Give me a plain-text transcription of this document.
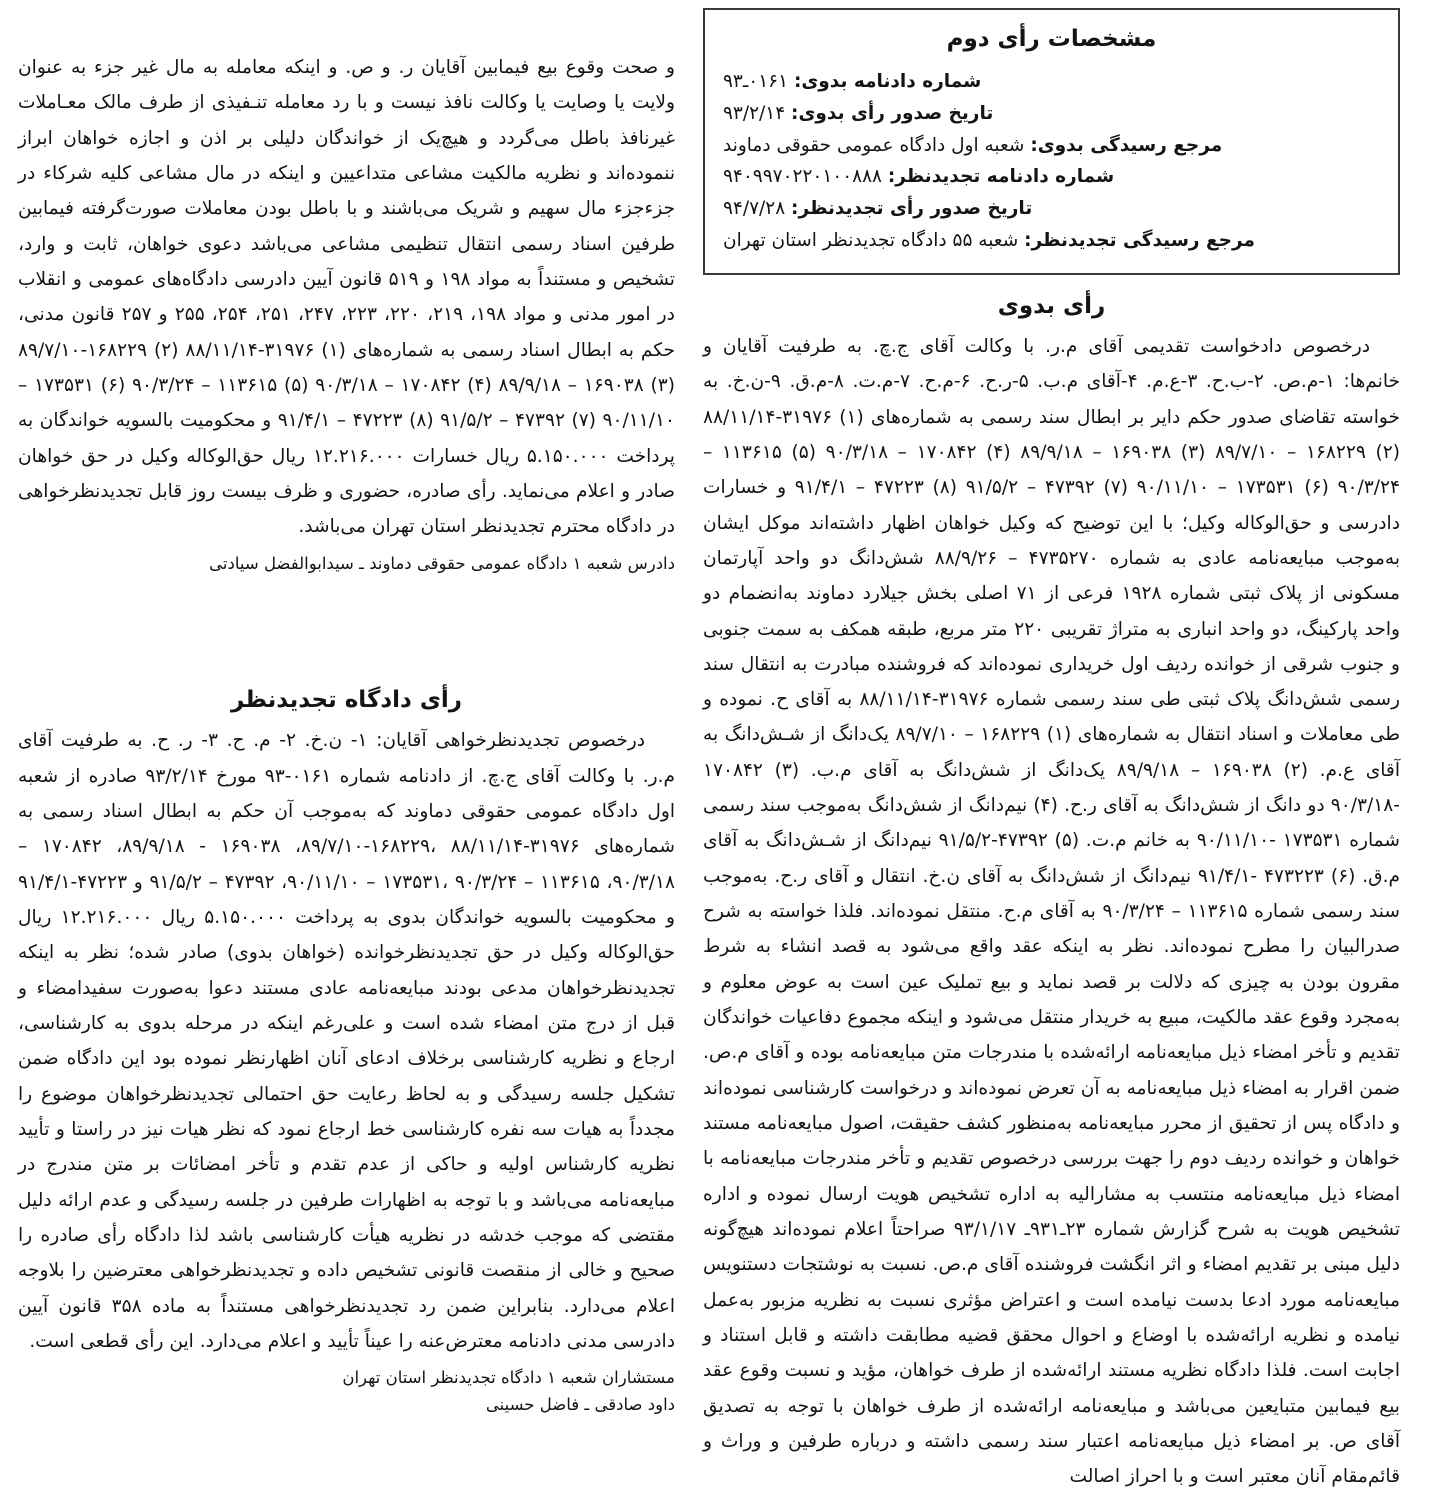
مشخصات رأی دوم
شماره دادنامه بدوی: ۰۱۶۱ـ۹۳
تاریخ صدور رأی بدوی: ۹۳/۲/۱۴
مرجع رسیدگی بدوی: شعبه اول دادگاه عمومی حقوقی دماوند
شماره دادنامه تجدیدنظر: ۹۴۰۹۹۷۰۲۲۰۱۰۰۸۸۸
تاریخ صدور رأی تجدیدنظر: ۹۴/۷/۲۸
مرجع رسیدگی تجدیدنظر: شعبه ۵۵ دادگاه تجدیدنظر استان تهران
رأی بدوی

درخصوص دادخواست تقدیمی آقای م.ر. با وکالت آقای ج.چ. به طرفیت آقایان و خانم‌ها: ۱-م.ص. ۲-ب.ح. ۳-ع.م. ۴-آقای م.ب. ۵-ر.ح. ۶-م.ح. ۷-م.ت. ۸-م.ق. ۹-ن.خ. به خواسته تقاضای صدور حکم دایر بر ابطال سند رسمی به شماره‌های (۱) ۳۱۹۷۶-۸۸/۱۱/۱۴ (۲) ۱۶۸۲۲۹ – ۸۹/۷/۱۰ (۳) ۱۶۹۰۳۸ – ۸۹/۹/۱۸ (۴) ۱۷۰۸۴۲ – ۹۰/۳/۱۸ (۵) ۱۱۳۶۱۵ – ۹۰/۳/۲۴ (۶) ۱۷۳۵۳۱ – ۹۰/۱۱/۱۰ (۷) ۴۷۳۹۲ – ۹۱/۵/۲ (۸) ۴۷۲۲۳ – ۹۱/۴/۱ و خسارات دادرسی و حق‌الوکاله وکیل؛ با این توضیح که وکیل خواهان اظهار داشته‌اند موکل ایشان به‌موجب مبایعه‌نامه عادی به شماره ۴۷۳۵۲۷۰ – ۸۸/۹/۲۶ شش‌دانگ دو واحد آپارتمان مسکونی از پلاک ثبتی شماره ۱۹۲۸ فرعی از ۷۱ اصلی بخش جیلارد دماوند به‌انضمام دو واحد پارکینگ، دو واحد انباری به متراژ تقریبی ۲۲۰ متر مربع، طبقه همکف به سمت جنوبی و جنوب شرقی از خوانده ردیف اول خریداری نموده‌اند که فروشنده مبادرت به انتقال سند رسمی شش‌دانگ پلاک ثبتی طی سند رسمی شماره ۳۱۹۷۶-۸۸/۱۱/۱۴ به آقای ح. نموده و طی معاملات و اسناد انتقال به شماره‌های (۱) ۱۶۸۲۲۹ – ۸۹/۷/۱۰ یک‌دانگ از شـش‌دانگ به آقای ع.م. (۲) ۱۶۹۰۳۸ – ۸۹/۹/۱۸ یک‌دانگ از شش‌دانگ به آقای م.ب. (۳) ۱۷۰۸۴۲ -۹۰/۳/۱۸ دو دانگ از شش‌دانگ به آقای ر.ح. (۴) نیم‌دانگ از شش‌دانگ به‌موجب سند رسمی شماره ۱۷۳۵۳۱ -۹۰/۱۱/۱۰ به خانم م.ت. (۵) ۴۷۳۹۲-۹۱/۵/۲ نیم‌دانگ از شـش‌دانگ به آقای م.ق. (۶) ۴۷۳۲۲۳ -۹۱/۴/۱ نیم‌دانگ از شش‌دانگ به آقای ن.خ. انتقال و آقای ر.ح. به‌موجب سند رسمی شماره ۱۱۳۶۱۵ – ۹۰/۳/۲۴ به آقای م.ح. منتقل نموده‌اند. فلذا خواسته به شرح صدرالبیان را مطرح نموده‌اند. نظر به اینکه عقد واقع می‌شود به قصد انشاء به شرط مقرون بودن به چیزی که دلالت بر قصد نماید و بیع تملیک عین است به عوض معلوم و به‌مجرد وقوع عقد مالکیت، مبیع به خریدار منتقل می‌شود و اینکه مجموع دفاعیات خواندگان تقدیم و تأخر امضاء ذیل مبایعه‌نامه ارائه‌شده با مندرجات متن مبایعه‌نامه بوده و آقای م.ص. ضمن اقرار به امضاء ذیل مبایعه‌نامه به آن تعرض نموده‌اند و درخواست کارشناسی نموده‌اند و دادگاه پس از تحقیق از محرر مبایعه‌نامه به‌منظور کشف حقیقت، اصول مبایعه‌نامه مستند خواهان و خوانده ردیف دوم را جهت بررسی درخصوص تقدیم و تأخر مندرجات مبایعه‌نامه با امضاء ذیل مبایعه‌نامه منتسب به مشارالیه به اداره تشخیص هویت ارسال نموده و اداره تشخیص هویت به شرح گزارش شماره ۲۳ـ۹۳۱ـ ۹۳/۱/۱۷ صراحتاً اعلام نموده‌اند هیچ‌گونه دلیل مبنی بر تقدیم امضاء و اثر انگشت فروشنده آقای م.ص. نسبت به نوشتجات دستنویس مبایعه‌نامه مورد ادعا بدست نیامده است و اعتراض مؤثری نسبت به نظریه مزبور به‌عمل نیامده و نظریه ارائه‌شده با اوضاع و احوال محقق قضیه مطابقت داشته و قابل استناد و اجابت است. فلذا دادگاه نظریه مستند ارائه‌شده از طرف خواهان، مؤید و نسبت وقوع عقد بیع فیمابین متبایعین می‌باشد و مبایعه‌نامه ارائه‌شده از طرف خواهان با توجه به تصدیق آقای ص. بر امضاء ذیل مبایعه‌نامه اعتبار سند رسمی داشته و درباره طرفین و وراث و قائم‌مقام آنان معتبر است و با احراز اصالت

و صحت وقوع بیع فیمابین آقایان ر. و ص. و اینکه معامله به مال غیر جزء به عنوان ولایت یا وصایت یا وکالت نافذ نیست و با رد معامله تنـفیذی از طرف مالک معـاملات غیرنافذ باطل می‌گردد و هیچ‌یک از خواندگان دلیلی بر اذن و اجازه خواهان ابراز ننموده‌اند و نظریه مالکیت مشاعی متداعیین و اینکه در مال مشاعی کلیه شرکاء در جزءجزء مال سهیم و شریک می‌باشند و با باطل بودن معاملات صورت‌گرفته فیمابین طرفین اسناد رسمی انتقال تنظیمی مشاعی می‌باشد دعوی خواهان، ثابت و وارد، تشخیص و مستنداً به مواد ۱۹۸ و ۵۱۹ قانون آیین دادرسی دادگاه‌های عمومی و انقلاب در امور مدنی و مواد ۱۹۸، ۲۱۹، ۲۲۰، ۲۲۳، ۲۴۷، ۲۵۱، ۲۵۴، ۲۵۵ و ۲۵۷ قانون مدنی، حکم به ابطال اسناد رسمی به شماره‌های (۱) ۳۱۹۷۶-۸۸/۱۱/۱۴ (۲) ۱۶۸۲۲۹-۸۹/۷/۱۰ (۳) ۱۶۹۰۳۸ – ۸۹/۹/۱۸ (۴) ۱۷۰۸۴۲ – ۹۰/۳/۱۸ (۵) ۱۱۳۶۱۵ – ۹۰/۳/۲۴ (۶) ۱۷۳۵۳۱ – ۹۰/۱۱/۱۰ (۷) ۴۷۳۹۲ – ۹۱/۵/۲ (۸) ۴۷۲۲۳ – ۹۱/۴/۱ و محکومیت بالسویه خواندگان به پرداخت ۵.۱۵۰.۰۰۰ ریال خسارات ۱۲.۲۱۶.۰۰۰ ریال حق‌الوکاله وکیل در حق خواهان صادر و اعلام می‌نماید. رأی صادره، حضوری و ظرف بیست روز قابل تجدیدنظرخواهی در دادگاه محترم تجدیدنظر استان تهران می‌باشد.

دادرس شعبه ۱ دادگاه عمومی حقوقی دماوند ـ سیدابوالفضل سیادتی
رأی دادگاه تجدیدنظر

درخصوص تجدیدنظرخواهی آقایان: ۱- ن.خ. ۲- م. ح. ۳- ر. ح. به طرفیت آقای م.ر. با وکالت آقای ج.چ. از دادنامه شماره ۰۱۶۱-۹۳ مورخ ۹۳/۲/۱۴ صادره از شعبه اول دادگاه عمومی حقوقی دماوند که به‌موجب آن حکم به ابطال اسناد رسمی به شماره‌های ۳۱۹۷۶-۸۸/۱۱/۱۴ ،۱۶۸۲۲۹-۸۹/۷/۱۰، ۱۶۹۰۳۸ - ۸۹/۹/۱۸، ۱۷۰۸۴۲ – ۹۰/۳/۱۸، ۱۱۳۶۱۵ – ۹۰/۳/۲۴ ،۱۷۳۵۳۱ – ۹۰/۱۱/۱۰، ۴۷۳۹۲ – ۹۱/۵/۲ و ۴۷۲۲۳-۹۱/۴/۱ و محکومیت بالسویه خواندگان بدوی به پرداخت ۵.۱۵۰.۰۰۰ ریال ۱۲.۲۱۶.۰۰۰ ریال حق‌الوکاله وکیل در حق تجدیدنظرخوانده (خواهان بدوی) صادر شده؛ نظر به اینکه تجدیدنظرخواهان مدعی بودند مبایعه‌نامه عادی مستند دعوا به‌صورت سفیدامضاء و قبل از درج متن امضاء شده است و علی‌رغم اینکه در مرحله بدوی به کارشناسی، ارجاع و نظریه کارشناسی برخلاف ادعای آنان اظهارنظر نموده بود این دادگاه ضمن تشکیل جلسه رسیدگی و به لحاظ رعایت حق احتمالی تجدیدنظرخواهان موضوع را مجدداً به هیات سه نفره کارشناسی خط ارجاع نمود که نظر هیات نیز در راستا و تأیید نظریه کارشناس اولیه و حاکی از عدم تقدم و تأخر امضائات بر متن مندرج در مبایعه‌نامه می‌باشد و با توجه به اظهارات طرفین در جلسه رسیدگی و عدم ارائه دلیل مقتضی که موجب خدشه در نظریه هیأت کارشناسی باشد لذا دادگاه رأی صادره را صحیح و خالی از منقصت قانونی تشخیص داده و تجدیدنظرخواهی معترضین را بلاوجه اعلام می‌دارد. بنابراین ضمن رد تجدیدنظرخواهی مستنداً به ماده ۳۵۸ قانون آیین دادرسی مدنی دادنامه معترض‌عنه را عیناً تأیید و اعلام می‌دارد. این رأی قطعی است.

مستشاران شعبه ۱ دادگاه تجدیدنظر استان تهران
داود صادقی ـ فاضل حسینی
